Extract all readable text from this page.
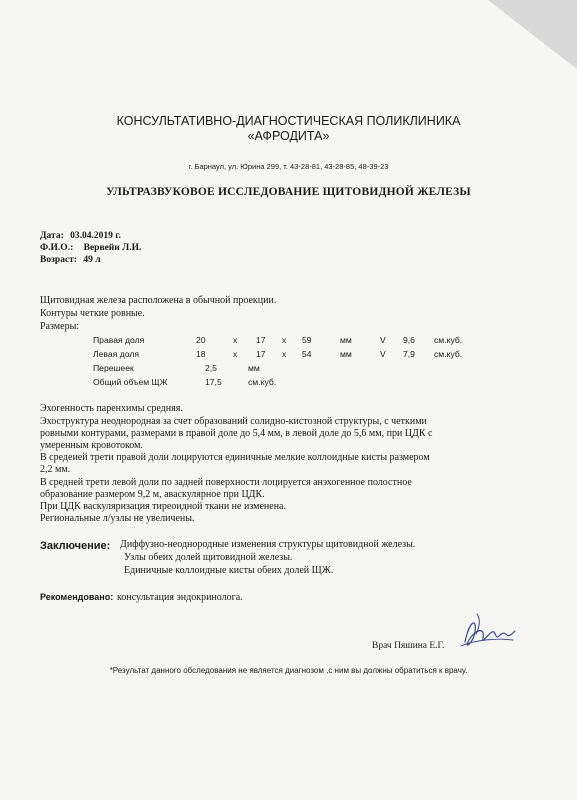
КОНСУЛЬТАТИВНО-ДИАГНОСТИЧЕСКАЯ ПОЛИКЛИНИКА
«АФРОДИТА»
г. Барнаул, ул. Юрина 299, т. 43-28-81, 43-28-85, 48-39-23
УЛЬТРАЗВУКОВОЕ ИССЛЕДОВАНИЕ ЩИТОВИДНОЙ ЖЕЛЕЗЫ
Дата: 03.04.2019 г.
Ф.И.О.: Вервейи Л.И.
Возраст: 49 л
Щитовидная железа расположена в обычной проекции.
Контуры четкие ровные.
Размеры:
Правая доля	20	x 17 x 59	мм	V 9,6 см.куб.
Левая доля	18	x 17 x 54	мм	V 7,9 см.куб.
Перешеек	2,5	мм
Общий объем ЩЖ	17,5	см.куб.
Эхогенность паренхимы средняя.
Эхоструктура неоднородная за счет образований солидно-кистозной структуры, с четкими
ровными контурами, размерами в правой доле до 5,4 мм, в левой доле до 5,6 мм, при ЦДК с
умеренным кровотоком.
В средеией трети правой доли лоцируются единичные мелкие коллоидные кисты размером
2,2 мм.
В средней трети левой доли по задней поверхности лоцируется анэхогенное полостное
образование размером 9,2 м, аваскулярное при ЦДК.
При ЦДК васкуляризация тиреоидной ткани не изменена.
Региональные л/узлы не увеличены.
Заключение: Диффузно-неоднородные изменения структуры щитовидной железы.
Узлы обеих долей щитовидной железы.
Единичные коллоидные кисты обеих долей ЩЖ.
Рекомендовано: консультация эндокринолога.
Врач Пяшина Е.Г.
*Результат данного обследования не является диагнозом ,с ним вы должны обратиться к врачу.
